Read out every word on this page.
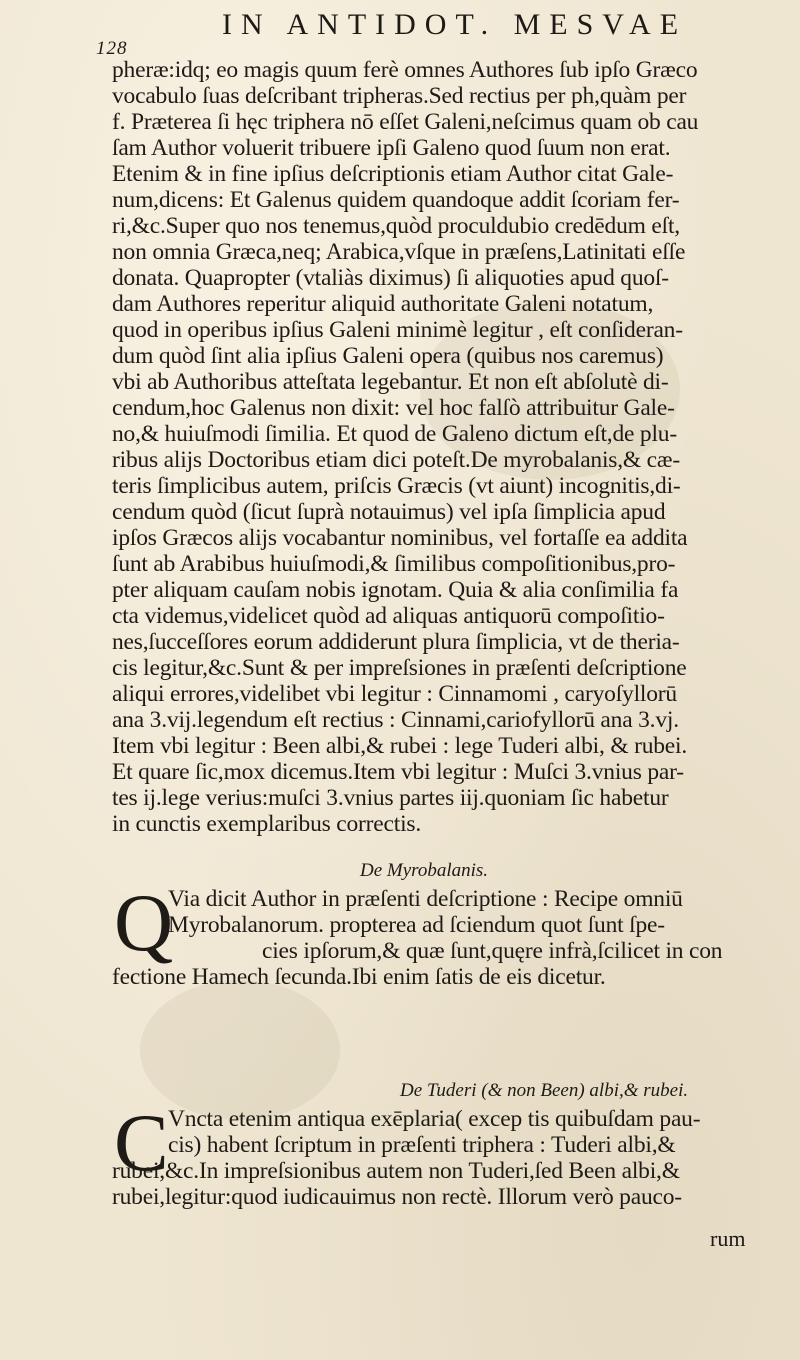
128
IN ANTIDOT. MESVAE
pheræ:idq; eo magis quum ferè omnes Authores ſub ipſo Græco
vocabulo ſuas deſcribant tripheras.Sed rectius per ph,quàm per
f. Præterea ſi hęc triphera nō eſſet Galeni,neſcimus quam ob cau
ſam Author voluerit tribuere ipſi Galeno quod ſuum non erat.
Etenim & in fine ipſius deſcriptionis etiam Author citat Gale-
num,dicens: Et Galenus quidem quandoque addit ſcoriam fer-
ri,&c.Super quo nos tenemus,quòd proculdubio credēdum eſt,
non omnia Græca,neq; Arabica,vſque in præſens,Latinitati eſſe
donata. Quapropter (vtaliàs diximus) ſi aliquoties apud quoſ-
dam Authores reperitur aliquid authoritate Galeni notatum,
quod in operibus ipſius Galeni minimè legitur , eſt conſideran-
dum quòd ſint alia ipſius Galeni opera (quibus nos caremus)
vbi ab Authoribus atteſtata legebantur. Et non eſt abſolutè di-
cendum,hoc Galenus non dixit: vel hoc falſò attribuitur Gale-
no,& huiuſmodi ſimilia. Et quod de Galeno dictum eſt,de plu-
ribus alijs Doctoribus etiam dici poteſt.De myrobalanis,& cæ-
teris ſimplicibus autem, priſcis Græcis (vt aiunt) incognitis,di-
cendum quòd (ſicut ſuprà notauimus) vel ipſa ſimplicia apud
ipſos Græcos alijs vocabantur nominibus, vel fortaſſe ea addita
ſunt ab Arabibus huiuſmodi,& ſimilibus compoſitionibus,pro-
pter aliquam cauſam nobis ignotam. Quia & alia conſimilia fa
cta videmus,videlicet quòd ad aliquas antiquorū compoſitio-
nes,ſucceſſores eorum addiderunt plura ſimplicia, vt de theria-
cis legitur,&c.Sunt & per impreſsiones in præſenti deſcriptione
aliqui errores,videlibet vbi legitur : Cinnamomi , caryoſyllorū
ana 3.vij.legendum eſt rectius : Cinnami,cariofyllorū ana 3.vj.
Item vbi legitur : Been albi,& rubei : lege Tuderi albi, & rubei.
Et quare ſic,mox dicemus.Item vbi legitur : Muſci 3.vnius par-
tes ij.lege verius:muſci 3.vnius partes iij.quoniam ſic habetur
in cunctis exemplaribus correctis.
De Myrobalanis.
Q
Via dicit Author in præſenti deſcriptione : Recipe omniū
Myrobalanorum. propterea ad ſciendum quot ſunt ſpe-
cies ipſorum,& quæ ſunt,quęre infrà,ſcilicet in con
fectione Hamech ſecunda.Ibi enim ſatis de eis dicetur.
De Tuderi (& non Been) albi,& rubei.
C Vncta etenim antiqua exēplaria( excep tis quibuſdam pau-
cis) habent ſcriptum in præſenti triphera : Tuderi albi,&
rubei,&c.In impreſsionibus autem non Tuderi,ſed Been albi,&
rubei,legitur:quod iudicauimus non rectè. Illorum verò pauco-
rum
